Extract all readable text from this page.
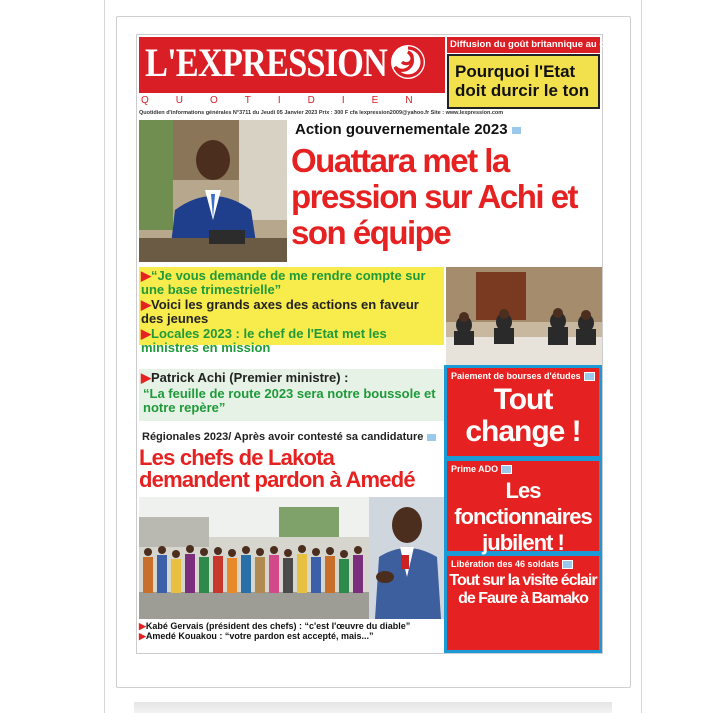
L'EXPRESSION
QUOTIDIEN
Diffusion du goût britannique au cantonnement
Pourquoi l'Etat doit durcir le ton
Quotidien d'informations générales N°3711 du Jeudi 05 Janvier 2023 Prix : 300 F cfa lexpression2009@yahoo.fr Site : www.lexpression.com
Action gouvernementale 2023
Ouattara met la pression sur Achi et son équipe
▶“Je vous demande de me rendre compte sur une base trimestrielle”
▶Voici les grands axes des actions en faveur des jeunes
▶Locales 2023 : le chef de l'Etat met les ministres en mission
▶Patrick Achi (Premier ministre) :
“La feuille de route 2023 sera notre boussole et notre repère”
Régionales 2023/ Après avoir contesté sa candidature
Les chefs de Lakota demandent pardon à Amedé
▶Kabé Gervais (président des chefs) : “c'est l'œuvre du diable”
▶Amedé Kouakou : “votre pardon est accepté, mais...”
Paiement de bourses d'études
Tout change !
Prime ADO
Les fonctionnaires jubilent !
Libération des 46 soldats
Tout sur la visite éclair de Faure à Bamako
